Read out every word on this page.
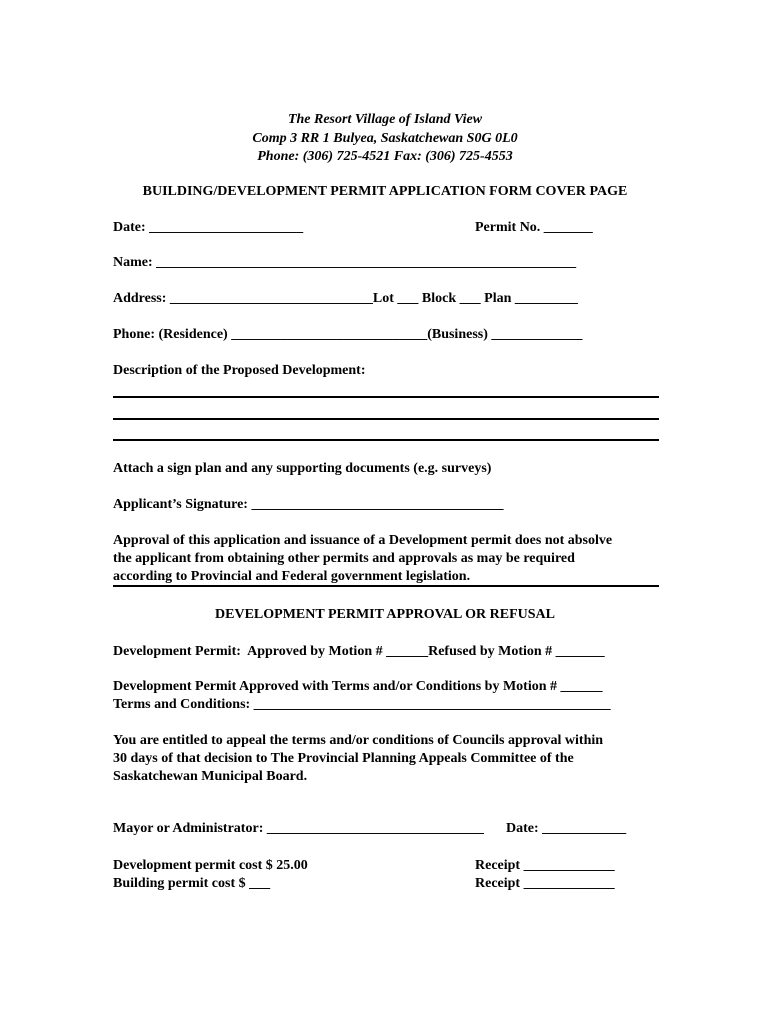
The Resort Village of Island View

Comp 3 RR 1 Bulyea, Saskatchewan S0G 0L0

Phone: (306) 725-4521 Fax: (306) 725-4553

BUILDING/DEVELOPMENT PERMIT APPLICATION FORM COVER PAGE

Date: ______________________	Permit No. _______

Name: ____________________________________________________________

Address: _____________________________Lot ___ Block ___ Plan _________

Phone: (Residence) ____________________________(Business) _____________

Description of the Proposed Development:

Attach a sign plan and any supporting documents (e.g. surveys)

Applicant’s Signature: ____________________________________

Approval of this application and issuance of a Development permit does not absolve

the applicant from obtaining other permits and approvals as may be required

according to Provincial and Federal government legislation.

DEVELOPMENT PERMIT APPROVAL OR REFUSAL

Development Permit:  Approved by Motion # ______Refused by Motion # _______

Development Permit Approved with Terms and/or Conditions by Motion # ______

Terms and Conditions: ___________________________________________________

You are entitled to appeal the terms and/or conditions of Councils approval within

30 days of that decision to The Provincial Planning Appeals Committee of the

Saskatchewan Municipal Board.

Mayor or Administrator: _______________________________ Date: ____________

Development permit cost $ 25.00	Receipt _____________

Building permit cost $ ___	Receipt _____________
